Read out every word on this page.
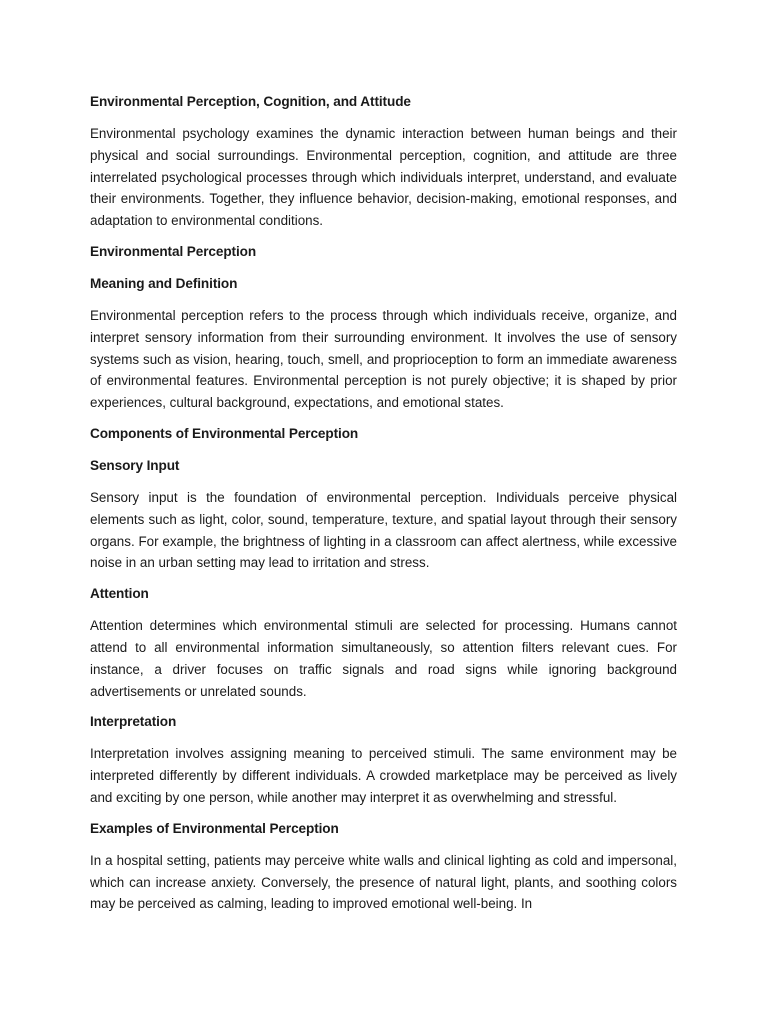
Environmental Perception, Cognition, and Attitude

Environmental psychology examines the dynamic interaction between human beings and their physical and social surroundings. Environmental perception, cognition, and attitude are three interrelated psychological processes through which individuals interpret, understand, and evaluate their environments. Together, they influence behavior, decision-making, emotional responses, and adaptation to environmental conditions.

Environmental Perception
Meaning and Definition

Environmental perception refers to the process through which individuals receive, organize, and interpret sensory information from their surrounding environment. It involves the use of sensory systems such as vision, hearing, touch, smell, and proprioception to form an immediate awareness of environmental features. Environmental perception is not purely objective; it is shaped by prior experiences, cultural background, expectations, and emotional states.

Components of Environmental Perception
Sensory Input

Sensory input is the foundation of environmental perception. Individuals perceive physical elements such as light, color, sound, temperature, texture, and spatial layout through their sensory organs. For example, the brightness of lighting in a classroom can affect alertness, while excessive noise in an urban setting may lead to irritation and stress.

Attention

Attention determines which environmental stimuli are selected for processing. Humans cannot attend to all environmental information simultaneously, so attention filters relevant cues. For instance, a driver focuses on traffic signals and road signs while ignoring background advertisements or unrelated sounds.

Interpretation

Interpretation involves assigning meaning to perceived stimuli. The same environment may be interpreted differently by different individuals. A crowded marketplace may be perceived as lively and exciting by one person, while another may interpret it as overwhelming and stressful.

Examples of Environmental Perception

In a hospital setting, patients may perceive white walls and clinical lighting as cold and impersonal, which can increase anxiety. Conversely, the presence of natural light, plants, and soothing colors may be perceived as calming, leading to improved emotional well-being. In
